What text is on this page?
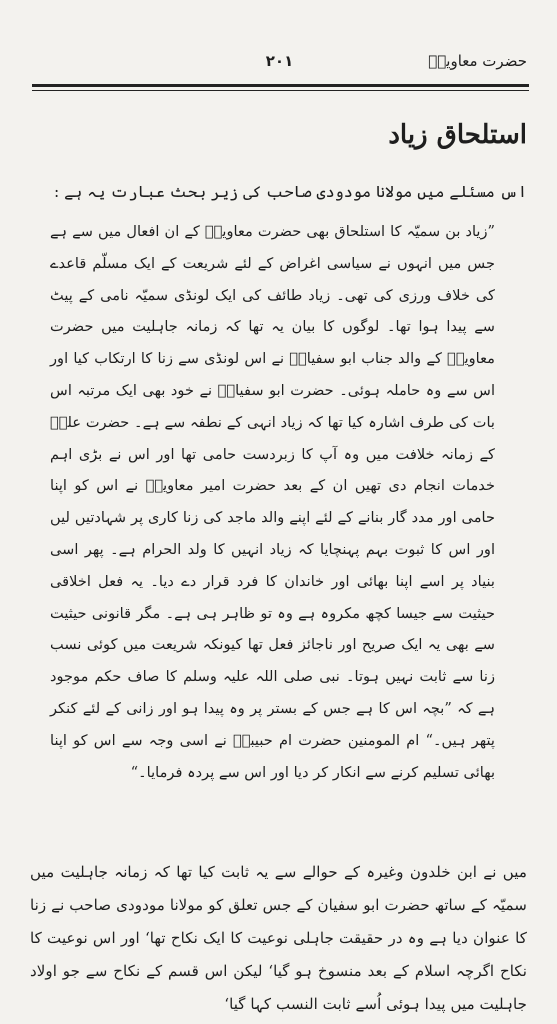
حضرت معاویہؓ
۲۰۱
استلحاق زیاد

اس مسئلے میں مولانا مودودی صاحب کی زیر بحث عبارت یہ ہے :

”زیاد بن سمیّہ کا استلحاق بھی حضرت معاویہؓ کے ان افعال میں سے ہے جس میں انہوں نے سیاسی اغراض کے لئے شریعت کے ایک مسلّم قاعدے کی خلاف ورزی کی تھی۔ زیاد طائف کی ایک لونڈی سمیّہ نامی کے پیٹ سے پیدا ہوا تھا۔ لوگوں کا بیان یہ تھا کہ زمانہ جاہلیت میں حضرت معاویہؓ کے والد جناب ابو سفیانؓ نے اس لونڈی سے زنا کا ارتکاب کیا اور اس سے وہ حاملہ ہوئی۔ حضرت ابو سفیانؓ نے خود بھی ایک مرتبہ اس بات کی طرف اشارہ کیا تھا کہ زیاد انہی کے نطفہ سے ہے۔ حضرت علیؓ کے زمانہ خلافت میں وہ آپ کا زبردست حامی تھا اور اس نے بڑی اہم خدمات انجام دی تھیں ان کے بعد حضرت امیر معاویہؓ نے اس کو اپنا حامی اور مدد گار بنانے کے لئے اپنے والد ماجد کی زنا کاری پر شہادتیں لیں اور اس کا ثبوت بہم پہنچایا کہ زیاد انہیں کا ولد الحرام ہے۔ پھر اسی بنیاد پر اسے اپنا بھائی اور خاندان کا فرد قرار دے دیا۔ یہ فعل اخلاقی حیثیت سے جیسا کچھ مکروہ ہے وہ تو ظاہر ہی ہے۔ مگر قانونی حیثیت سے بھی یہ ایک صریح اور ناجائز فعل تھا کیونکہ شریعت میں کوئی نسب زنا سے ثابت نہیں ہوتا۔ نبی صلی اللہ علیہ وسلم کا صاف حکم موجود ہے کہ ”بچہ اس کا ہے جس کے بستر پر وہ پیدا ہو اور زانی کے لئے کنکر پتھر ہیں۔“ ام المومنین حضرت ام حبیبہؓ نے اسی وجہ سے اس کو اپنا بھائی تسلیم کرنے سے انکار کر دیا اور اس سے پردہ فرمایا۔“

میں نے ابن خلدون وغیرہ کے حوالے سے یہ ثابت کیا تھا کہ زمانہ جاہلیت میں سمیّہ کے ساتھ حضرت ابو سفیان کے جس تعلق کو مولانا مودودی صاحب نے زنا کا عنوان دیا ہے وہ در حقیقت جاہلی نوعیت کا ایک نکاح تھا‘ اور اس نوعیت کا نکاح اگرچہ اسلام کے بعد منسوخ ہو گیا‘ لیکن اس قسم کے نکاح سے جو اولاد جاہلیت میں پیدا ہوئی اُسے ثابت النسب کہا گیا‘
